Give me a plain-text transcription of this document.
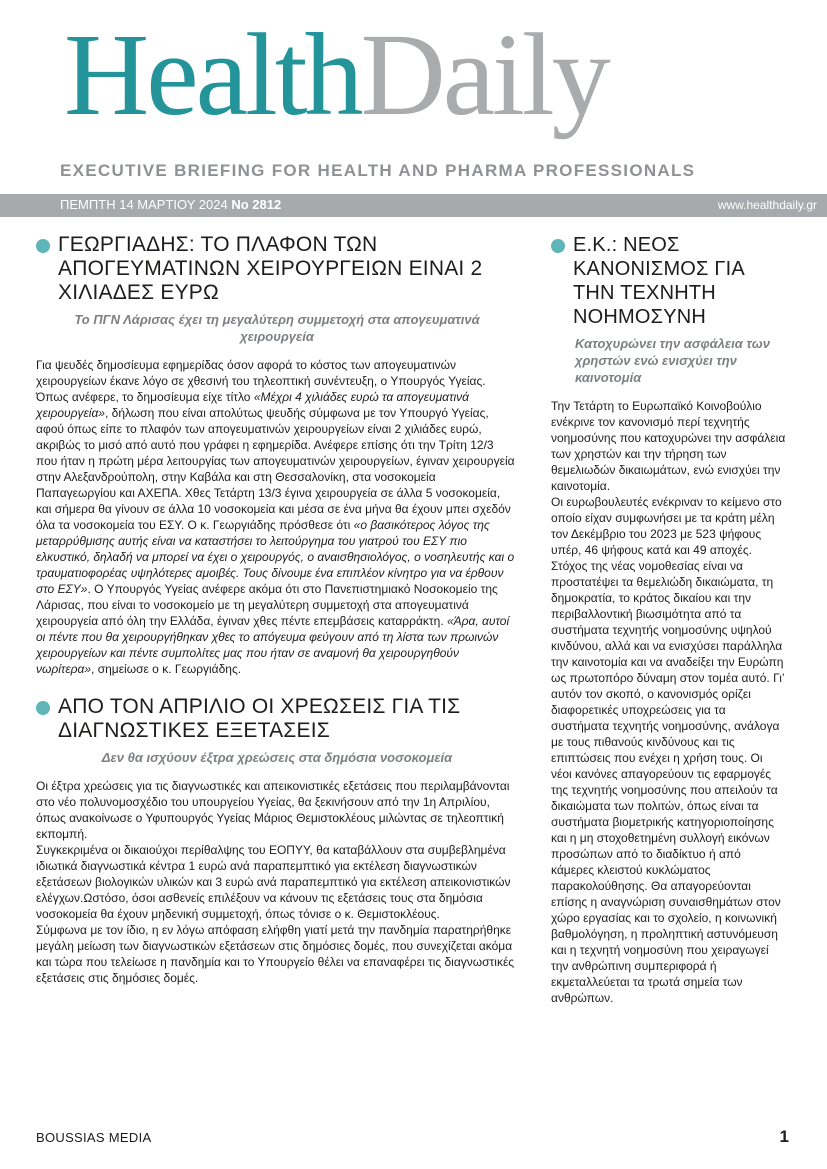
HealthDaily
EXECUTIVE BRIEFING FOR HEALTH AND PHARMA PROFESSIONALS
ΠΕΜΠΤΗ 14 ΜΑΡΤΙΟΥ 2024 No 2812	www.healthdaily.gr
ΓΕΩΡΓΙΑΔΗΣ: ΤΟ ΠΛΑΦΟΝ ΤΩΝ ΑΠΟΓΕΥΜΑΤΙΝΩΝ ΧΕΙΡΟΥΡΓΕΙΩΝ ΕΙΝΑΙ 2 ΧΙΛΙΑΔΕΣ ΕΥΡΩ

Το ΠΓΝ Λάρισας έχει τη μεγαλύτερη συμμετοχή στα απογευματινά χειρουργεία

Για ψευδές δημοσίευμα εφημερίδας όσον αφορά το κόστος των απογευματινών χειρουργείων έκανε λόγο σε χθεσινή του τηλεοπτική συνέντευξη, ο Υπουργός Υγείας. Όπως ανέφερε, το δημοσίευμα είχε τίτλο «Μέχρι 4 χιλιάδες ευρώ τα απογευματινά χειρουργεία», δήλωση που είναι απολύτως ψευδής σύμφωνα με τον Υπουργό Υγείας, αφού όπως είπε το πλαφόν των απογευματινών χειρουργείων είναι 2 χιλιάδες ευρώ, ακριβώς το μισό από αυτό που γράφει η εφημερίδα. Ανέφερε επίσης ότι την Τρίτη 12/3 που ήταν η πρώτη μέρα λειτουργίας των απογευματινών χειρουργείων, έγιναν χειρουργεία στην Αλεξανδρούπολη, στην Καβάλα και στη Θεσσαλονίκη, στα νοσοκομεία Παπαγεωργίου και ΑΧΕΠΑ. Χθες Τετάρτη 13/3 έγινα χειρουργεία σε άλλα 5 νοσοκομεία, και σήμερα θα γίνουν σε άλλα 10 νοσοκομεία και μέσα σε ένα μήνα θα έχουν μπει σχεδόν όλα τα νοσοκομεία του ΕΣΥ. Ο κ. Γεωργιάδης πρόσθεσε ότι «ο βασικότερος λόγος της μεταρρύθμισης αυτής είναι να καταστήσει το λειτούργημα του γιατρού του ΕΣΥ πιο ελκυστικό, δηλαδή να μπορεί να έχει ο χειρουργός, ο αναισθησιολόγος, ο νοσηλευτής και ο τραυματιοφορέας υψηλότερες αμοιβές. Τους δίνουμε ένα επιπλέον κίνητρο για να έρθουν στο ΕΣΥ». Ο Υπουργός Υγείας ανέφερε ακόμα ότι στο Πανεπιστημιακό Νοσοκομείο της Λάρισας, που είναι το νοσοκομείο με τη μεγαλύτερη συμμετοχή στα απογευματινά χειρουργεία από όλη την Ελλάδα, έγιναν χθες πέντε επεμβάσεις καταρράκτη. «Άρα, αυτοί οι πέντε που θα χειρουργήθηκαν χθες το απόγευμα φεύγουν από τη λίστα των πρωινών χειρουργείων και πέντε συμπολίτες μας που ήταν σε αναμονή θα χειρουργηθούν νωρίτερα», σημείωσε ο κ. Γεωργιάδης.

ΑΠΟ ΤΟΝ ΑΠΡΙΛΙΟ ΟΙ ΧΡΕΩΣΕΙΣ ΓΙΑ ΤΙΣ ΔΙΑΓΝΩΣΤΙΚΕΣ ΕΞΕΤΑΣΕΙΣ

Δεν θα ισχύουν έξτρα χρεώσεις στα δημόσια νοσοκομεία

Οι έξτρα χρεώσεις για τις διαγνωστικές και απεικονιστικές εξετάσεις που περιλαμβάνονται στο νέο πολυνομοσχέδιο του υπουργείου Υγείας, θα ξεκινήσουν από την 1η Απριλίου, όπως ανακοίνωσε ο Υφυπουργός Υγείας Μάριος Θεμιστοκλέους μιλώντας σε τηλεοπτική εκπομπή.

Συγκεκριμένα οι δικαιούχοι περίθαλψης του ΕΟΠΥΥ, θα καταβάλλουν στα συμβεβλημένα ιδιωτικά διαγνωστικά κέντρα 1 ευρώ ανά παραπεμπτικό για εκτέλεση διαγνωστικών εξετάσεων βιολογικών υλικών και 3 ευρώ ανά παραπεμπτικό για εκτέλεση απεικονιστικών ελέγχων.Ωστόσο, όσοι ασθενείς επιλέξουν να κάνουν τις εξετάσεις τους στα δημόσια νοσοκομεία θα έχουν μηδενική συμμετοχή, όπως τόνισε ο κ. Θεμιστοκλέους.

Σύμφωνα με τον ίδιο, η εν λόγω απόφαση ελήφθη γιατί μετά την πανδημία παρατηρήθηκε μεγάλη μείωση των διαγνωστικών εξετάσεων στις δημόσιες δομές, που συνεχίζεται ακόμα και τώρα που τελείωσε η πανδημία και το Υπουργείο θέλει να επαναφέρει τις διαγνωστικές εξετάσεις στις δημόσιες δομές.

Ε.Κ.: ΝΕΟΣ ΚΑΝΟΝΙΣΜΟΣ ΓΙΑ ΤΗΝ ΤΕΧΝΗΤΗ ΝΟΗΜΟΣΥΝΗ

Κατοχυρώνει την ασφάλεια των χρηστών ενώ ενισχύει την καινοτομία

Την Τετάρτη το Ευρωπαϊκό Κοινοβούλιο ενέκρινε τον κανονισμό περί τεχνητής νοημοσύνης που κατοχυρώνει την ασφάλεια των χρηστών και την τήρηση των θεμελιωδών δικαιωμάτων, ενώ ενισχύει την καινοτομία.

Οι ευρωβουλευτές ενέκριναν το κείμενο στο οποίο είχαν συμφωνήσει με τα κράτη μέλη τον Δεκέμβριο του 2023 με 523 ψήφους υπέρ, 46 ψήφους κατά και 49 αποχές. Στόχος της νέας νομοθεσίας είναι να προστατέψει τα θεμελιώδη δικαιώματα, τη δημοκρατία, το κράτος δικαίου και την περιβαλλοντική βιωσιμότητα από τα συστήματα τεχνητής νοημοσύνης υψηλού κινδύνου, αλλά και να ενισχύσει παράλληλα την καινοτομία και να αναδείξει την Ευρώπη ως πρωτοπόρο δύναμη στον τομέα αυτό. Γι’ αυτόν τον σκοπό, ο κανονισμός ορίζει διαφορετικές υποχρεώσεις για τα συστήματα τεχνητής νοημοσύνης, ανάλογα με τους πιθανούς κινδύνους και τις επιπτώσεις που ενέχει η χρήση τους. Οι νέοι κανόνες απαγορεύουν τις εφαρμογές της τεχνητής νοημοσύνης που απειλούν τα δικαιώματα των πολιτών, όπως είναι τα συστήματα βιομετρικής κατηγοριοποίησης και η μη στοχοθετημένη συλλογή εικόνων προσώπων από το διαδίκτυο ή από κάμερες κλειστού κυκλώματος παρακολούθησης. Θα απαγορεύονται επίσης η αναγνώριση συναισθημάτων στον χώρο εργασίας και το σχολείο, η κοινωνική βαθμολόγηση, η προληπτική αστυνόμευση και η τεχνητή νοημοσύνη που χειραγωγεί την ανθρώπινη συμπεριφορά ή εκμεταλλεύεται τα τρωτά σημεία των ανθρώπων.

BOUSSIAS MEDIA	1
